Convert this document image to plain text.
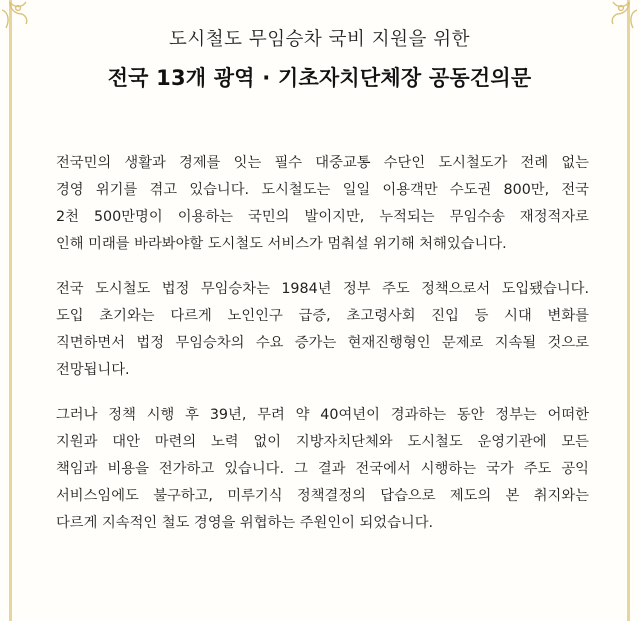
도시철도 무임승차 국비 지원을 위한
전국 13개 광역 · 기초자치단체장 공동건의문

전국민의 생활과 경제를 잇는 필수 대중교통 수단인 도시철도가 전례 없는
경영 위기를 겪고 있습니다. 도시철도는 일일 이용객만 수도권 800만, 전국
2천 500만명이 이용하는 국민의 발이지만, 누적되는 무임수송 재정적자로
인해 미래를 바라봐야할 도시철도 서비스가 멈춰설 위기해 처해있습니다.

전국 도시철도 법정 무임승차는 1984년 정부 주도 정책으로서 도입됐습니다.
도입 초기와는 다르게 노인인구 급증, 초고령사회 진입 등 시대 변화를
직면하면서 법정 무임승차의 수요 증가는 현재진행형인 문제로 지속될 것으로
전망됩니다.

그러나 정책 시행 후 39년, 무려 약 40여년이 경과하는 동안 정부는 어떠한
지원과 대안 마련의 노력 없이 지방자치단체와 도시철도 운영기관에 모든
책임과 비용을 전가하고 있습니다. 그 결과 전국에서 시행하는 국가 주도 공익
서비스임에도 불구하고, 미루기식 정책결정의 답습으로 제도의 본 취지와는
다르게 지속적인 철도 경영을 위협하는 주원인이 되었습니다.
